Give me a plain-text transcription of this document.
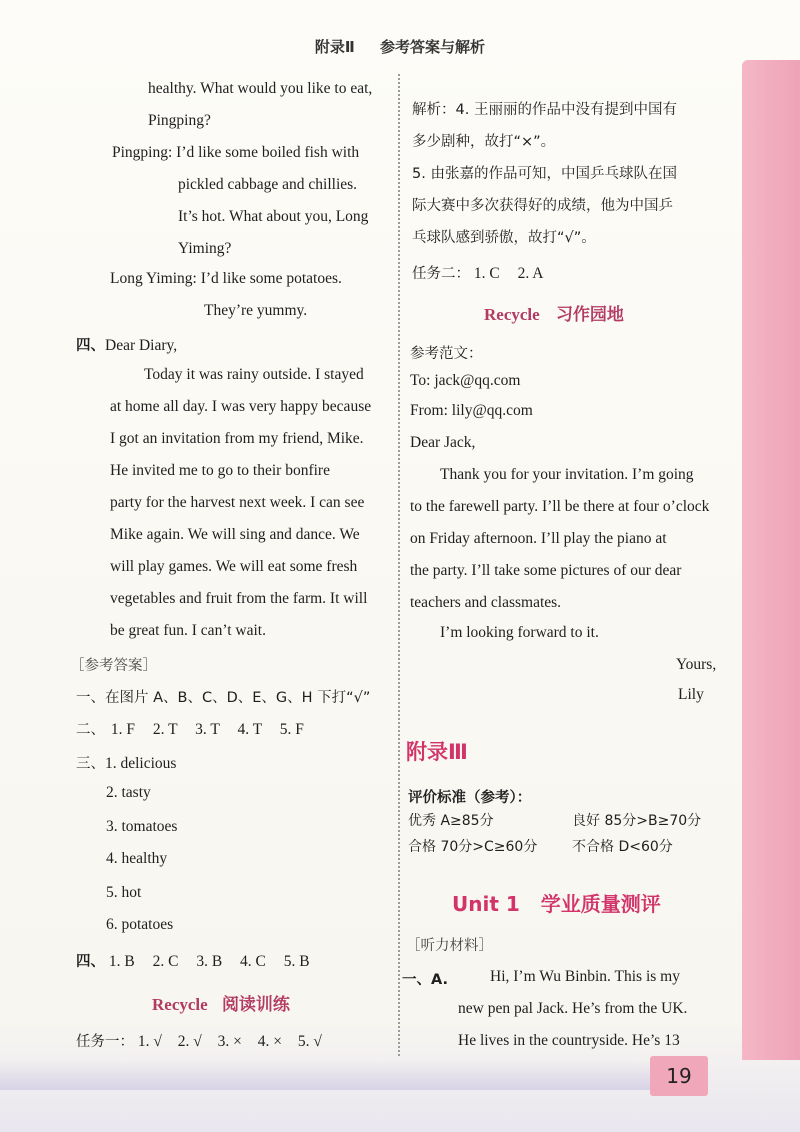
附录Ⅱ 参考答案与解析
healthy. What would you like to eat,
Pingping?
Pingping: I’d like some boiled fish with
pickled cabbage and chillies.
It’s hot. What about you, Long
Yiming?
Long Yiming: I’d like some potatoes.
They’re yummy.
四、Dear Diary,
Today it was rainy outside. I stayed
at home all day. I was very happy because
I got an invitation from my friend, Mike.
He invited me to go to their bonfire
party for the harvest next week. I can see
Mike again. We will sing and dance. We
will play games. We will eat some fresh
vegetables and fruit from the farm. It will
be great fun. I can’t wait.
［参考答案］
一、在图片 A、B、C、D、E、G、H 下打“√”
二、 1. F 2. T 3. T 4. T 5. F
三、1. delicious
2. tasty
3. tomatoes
4. healthy
5. hot
6. potatoes
四、 1. B 2. C 3. B 4. C 5. B
Recycle 阅读训练
任务一： 1. √ 2. √ 3. × 4. × 5. √
解析：4. 王丽丽的作品中没有提到中国有
多少剧种，故打“×”。
5. 由张嘉的作品可知，中国乒乓球队在国
际大赛中多次获得好的成绩，他为中国乒
乓球队感到骄傲，故打“√”。
任务二： 1. C 2. A
Recycle 习作园地
参考范文：
To: jack@qq.com
From: lily@qq.com
Dear Jack,
Thank you for your invitation. I’m going
to the farewell party. I’ll be there at four o’clock
on Friday afternoon. I’ll play the piano at
the party. I’ll take some pictures of our dear
teachers and classmates.
I’m looking forward to it.
Yours,
Lily
附录Ⅲ
评价标准（参考）：
优秀 A≥85分	良好 85分>B≥70分
合格 70分>C≥60分 不合格 D<60分
Unit 1 学业质量测评
［听力材料］
一、A.	Hi, I’m Wu Binbin. This is my
new pen pal Jack. He’s from the UK.
He lives in the countryside. He’s 13
19
